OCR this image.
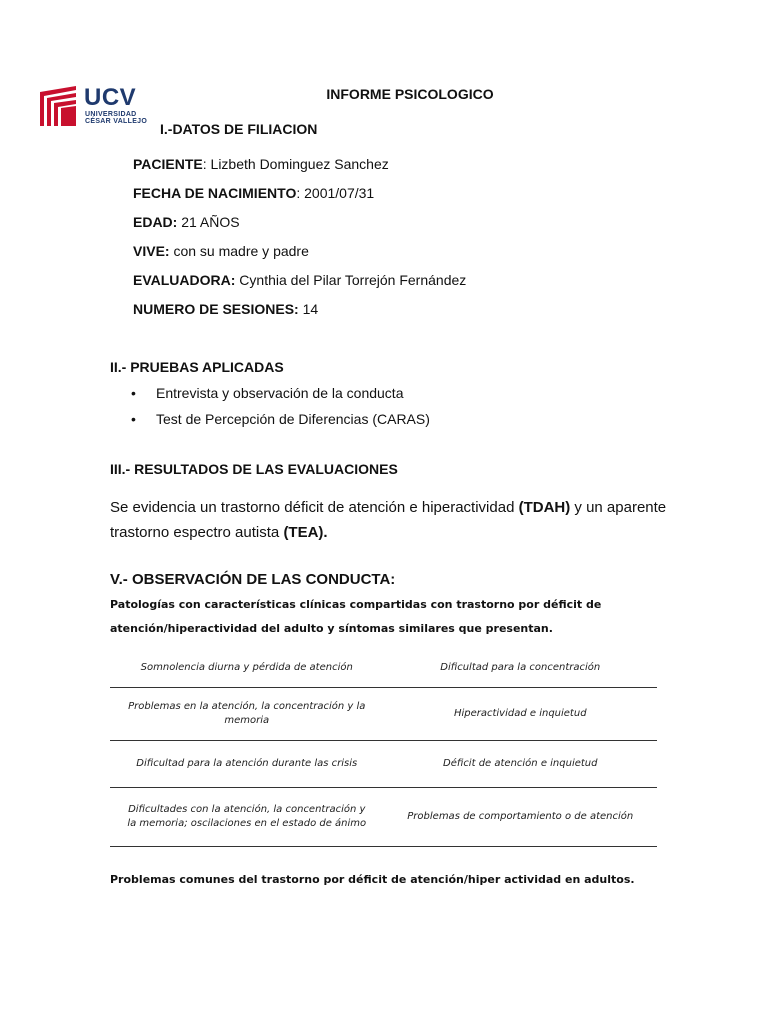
UCV
UNIVERSIDAD
CÉSAR VALLEJO
INFORME PSICOLOGICO
I.-DATOS DE FILIACION
PACIENTE: Lizbeth Dominguez Sanchez
FECHA DE NACIMIENTO: 2001/07/31
EDAD: 21 AÑOS
VIVE: con su madre y padre
EVALUADORA: Cynthia del Pilar Torrejón Fernández
NUMERO DE SESIONES: 14
II.- PRUEBAS APLICADAS
• Entrevista y observación de la conducta
• Test de Percepción de Diferencias (CARAS)
III.- RESULTADOS DE LAS EVALUACIONES
Se evidencia un trastorno déficit de atención e hiperactividad (TDAH) y un aparente trastorno espectro autista (TEA).
V.- OBSERVACIÓN DE LAS CONDUCTA:
Patologías con características clínicas compartidas con trastorno por déficit de
atención/hiperactividad del adulto y síntomas similares que presentan.
Somnolencia diurna y pérdida de atención	Dificultad para la concentración
Problemas en la atención, la concentración y la memoria	Hiperactividad e inquietud
Dificultad para la atención durante las crisis	Déficit de atención e inquietud
Dificultades con la atención, la concentración y la memoria; oscilaciones en el estado de ánimo	Problemas de comportamiento o de atención
Problemas comunes del trastorno por déficit de atención/hiper actividad en adultos.
